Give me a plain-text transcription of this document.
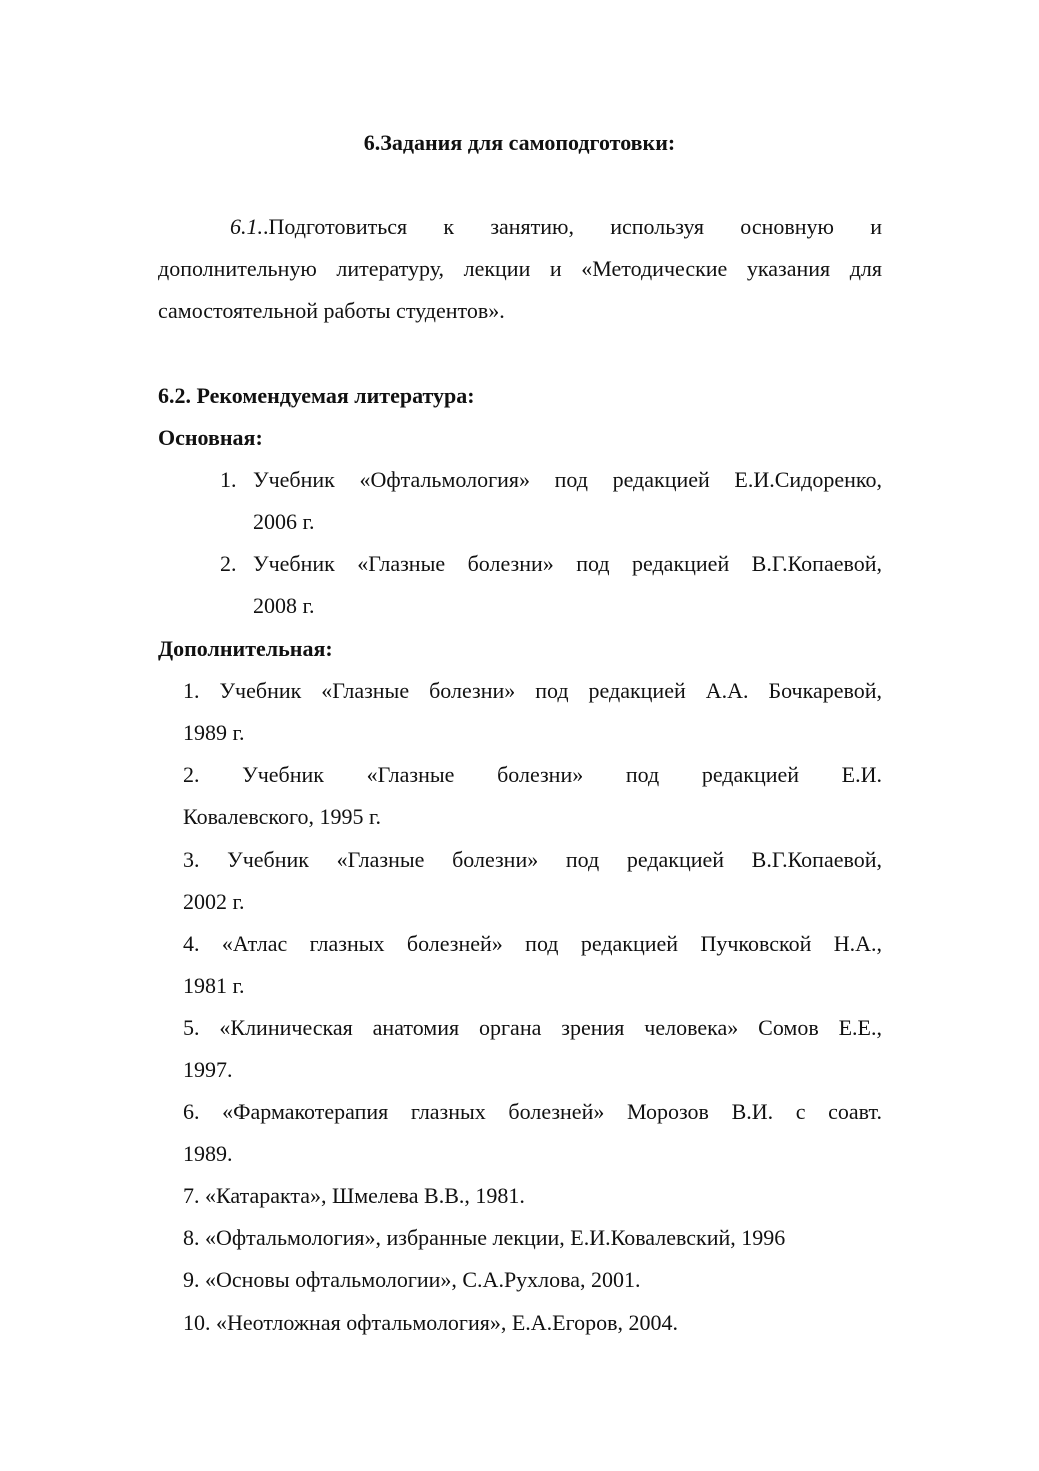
6.Задания для самоподготовки:
6.1..Подготовиться к занятию, используя основную и
дополнительную литературу, лекции и «Методические указания для
самостоятельной работы студентов».
6.2. Рекомендуемая литература:
Основная:
1. Учебник «Офтальмология» под редакцией Е.И.Сидоренко,
2006 г.
2. Учебник «Глазные болезни» под редакцией В.Г.Копаевой,
2008 г.
Дополнительная:
1. Учебник «Глазные болезни» под редакцией А.А. Бочкаревой,
1989 г.
2. Учебник «Глазные болезни» под редакцией Е.И.
Ковалевского, 1995 г.
3. Учебник «Глазные болезни» под редакцией В.Г.Копаевой,
2002 г.
4. «Атлас глазных болезней» под редакцией Пучковской Н.А.,
1981 г.
5. «Клиническая анатомия органа зрения человека» Сомов Е.Е.,
1997.
6. «Фармакотерапия глазных болезней» Морозов В.И. с соавт.
1989.
7. «Катаракта», Шмелева В.В., 1981.
8. «Офтальмология», избранные лекции, Е.И.Ковалевский, 1996
9. «Основы офтальмологии», С.А.Рухлова, 2001.
10. «Неотложная офтальмология», Е.А.Егоров, 2004.
